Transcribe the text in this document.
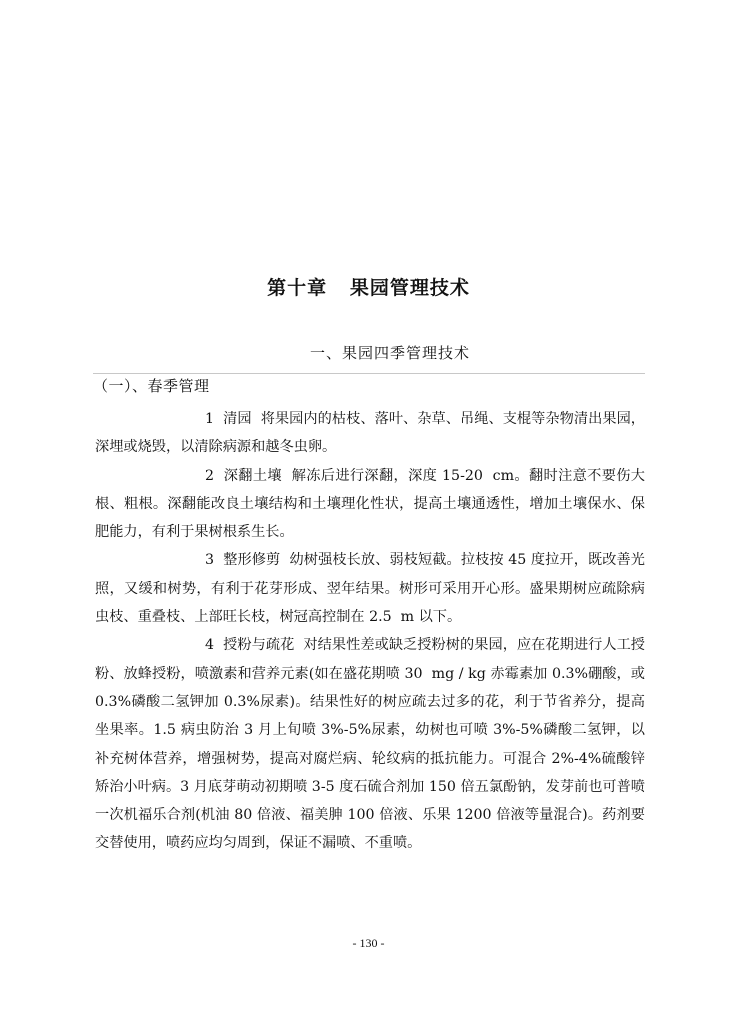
第十章   果园管理技术
一、果园四季管理技术
（一）、春季管理

1  清园  将果园内的枯枝、落叶、杂草、吊绳、支棍等杂物清出果园，深埋或烧毁，以清除病源和越冬虫卵。

2  深翻土壤  解冻后进行深翻，深度 15-20  cm。翻时注意不要伤大根、粗根。深翻能改良土壤结构和土壤理化性状，提高土壤通透性，增加土壤保水、保肥能力，有利于果树根系生长。

3  整形修剪  幼树强枝长放、弱枝短截。拉枝按 45 度拉开，既改善光照，又缓和树势，有利于花芽形成、翌年结果。树形可采用开心形。盛果期树应疏除病虫枝、重叠枝、上部旺长枝，树冠高控制在 2.5  m 以下。

4  授粉与疏花  对结果性差或缺乏授粉树的果园，应在花期进行人工授粉、放蜂授粉，喷激素和营养元素(如在盛花期喷 30  mg / kg 赤霉素加 0.3%硼酸，或 0.3%磷酸二氢钾加 0.3%尿素)。结果性好的树应疏去过多的花，利于节省养分，提高坐果率。1.5 病虫防治 3 月上旬喷 3%-5%尿素，幼树也可喷 3%-5%磷酸二氢钾，以补充树体营养，增强树势，提高对腐烂病、轮纹病的抵抗能力。可混合 2%-4%硫酸锌矫治小叶病。3 月底芽萌动初期喷 3-5 度石硫合剂加 150 倍五氯酚钠，发芽前也可普喷一次机福乐合剂(机油 80 倍液、福美胂 100 倍液、乐果 1200 倍液等量混合)。药剂要交替使用，喷药应均匀周到，保证不漏喷、不重喷。

- 130 -
